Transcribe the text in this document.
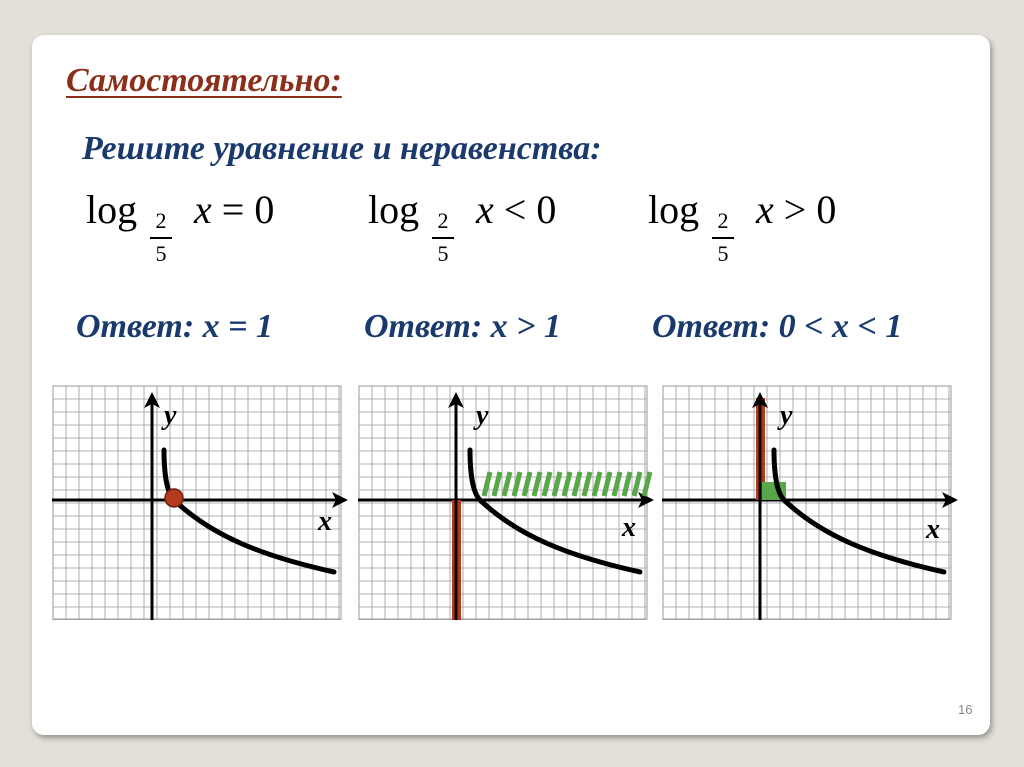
Самостоятельно:
Решите уравнение и неравенства:
log 2
5
x = 0 log 2
5
x < 0 log 2
5
x > 0
Ответ: х = 1	Ответ: х > 1	Ответ: 0 < х < 1
y
x
y
x
y
x
16
